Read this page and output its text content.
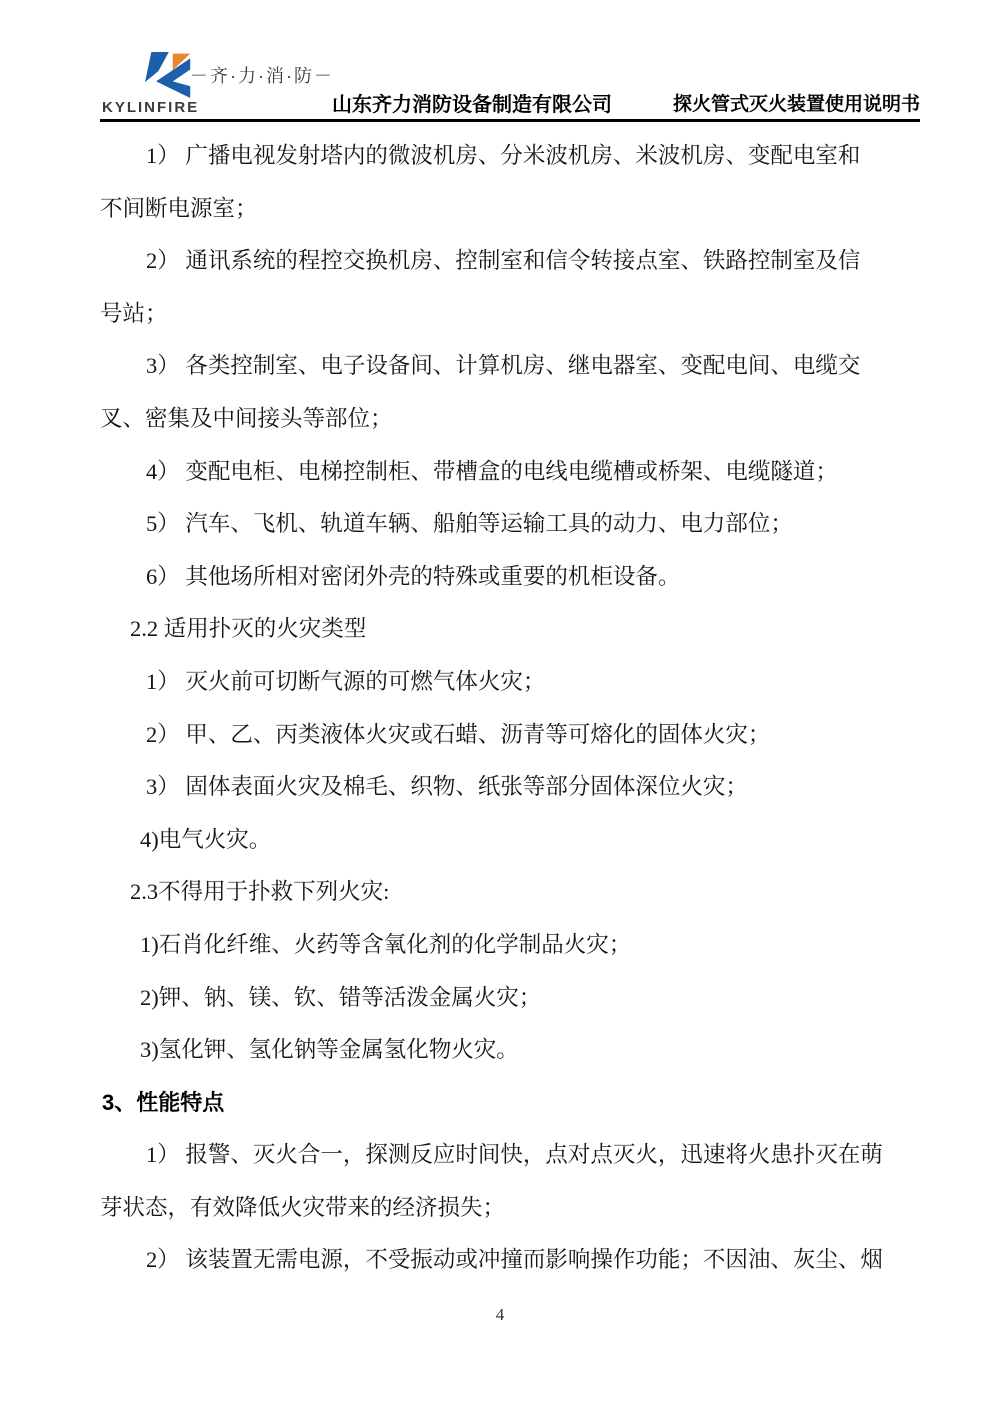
KYLINFIRE
－齐·力·消·防－
山东齐力消防设备制造有限公司	探火管式灭火装置使用说明书
1） 广播电视发射塔内的微波机房、分米波机房、米波机房、变配电室和
不间断电源室；
2） 通讯系统的程控交换机房、控制室和信令转接点室、铁路控制室及信
号站；
3） 各类控制室、电子设备间、计算机房、继电器室、变配电间、电缆交
叉、密集及中间接头等部位；
4） 变配电柜、电梯控制柜、带槽盒的电线电缆槽或桥架、电缆隧道；
5） 汽车、飞机、轨道车辆、船舶等运输工具的动力、电力部位；
6） 其他场所相对密闭外壳的特殊或重要的机柜设备。
2.2 适用扑灭的火灾类型
1） 灭火前可切断气源的可燃气体火灾；
2） 甲、乙、丙类液体火灾或石蜡、沥青等可熔化的固体火灾；
3） 固体表面火灾及棉毛、织物、纸张等部分固体深位火灾；
4)电气火灾。
2.3不得用于扑救下列火灾:
1)石肖化纤维、火药等含氧化剂的化学制品火灾；
2)钾、钠、镁、钦、错等活泼金属火灾；
3)氢化钾、氢化钠等金属氢化物火灾。
3、性能特点
1） 报警、灭火合一，探测反应时间快，点对点灭火，迅速将火患扑灭在萌
芽状态，有效降低火灾带来的经济损失；
2） 该装置无需电源，不受振动或冲撞而影响操作功能；不因油、灰尘、烟
4
